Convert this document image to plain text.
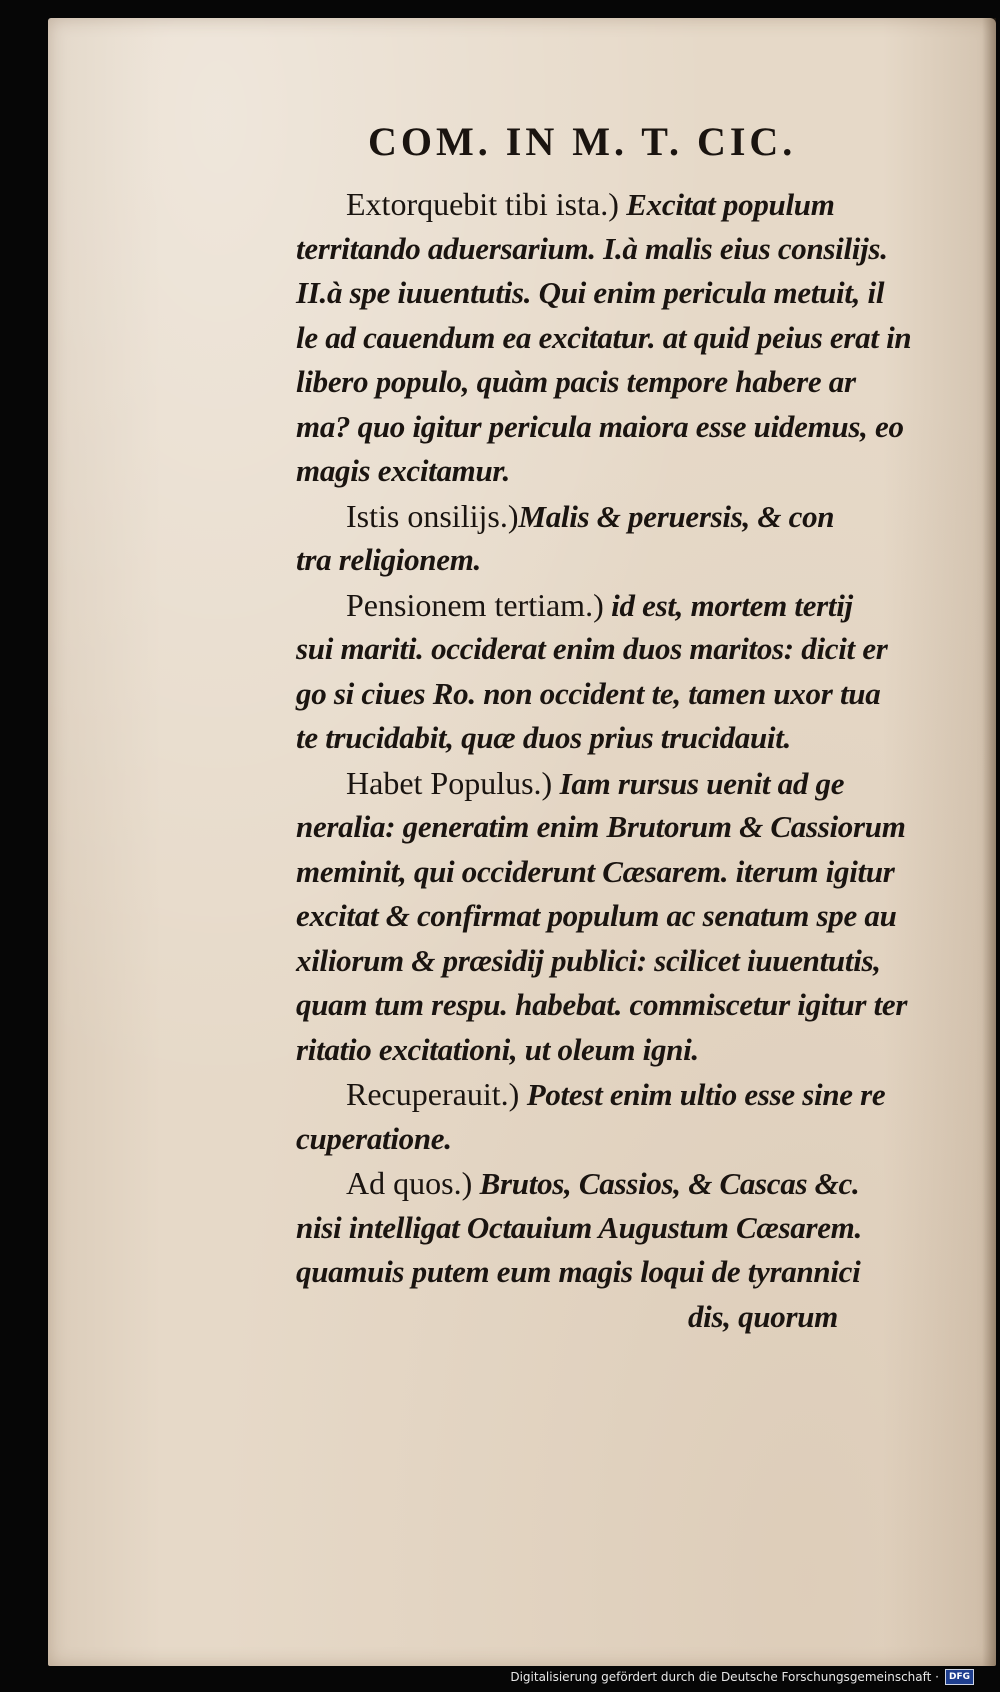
COM. IN M. T. CIC.
Extorquebit tibi ista.) Excitat populum
territando aduersarium. I.à malis eius consilijs.
II.à spe iuuentutis. Qui enim pericula metuit, il
le ad cauendum ea excitatur. at quid peius erat in
libero populo, quàm pacis tempore habere ar
ma? quo igitur pericula maiora esse uidemus, eo
magis excitamur.
Istis onsilijs.)Malis & peruersis, & con
tra religionem.
Pensionem tertiam.) id est, mortem tertij
sui mariti. occiderat enim duos maritos: dicit er
go si ciues Ro. non occident te, tamen uxor tua
te trucidabit, quæ duos prius trucidauit.
Habet Populus.) Iam rursus uenit ad ge
neralia: generatim enim Brutorum & Cassiorum
meminit, qui occiderunt Cæsarem. iterum igitur
excitat & confirmat populum ac senatum spe au
xiliorum & præsidij publici: scilicet iuuentutis,
quam tum respu. habebat. commiscetur igitur ter
ritatio excitationi, ut oleum igni.
Recuperauit.) Potest enim ultio esse sine re
cuperatione.
Ad quos.) Brutos, Cassios, & Cascas &c.
nisi intelligat Octauium Augustum Cæsarem.
quamuis putem eum magis loqui de tyrannici
dis, quorum
Digitalisierung gefördert durch die Deutsche Forschungsgemeinschaft ·	DFG
